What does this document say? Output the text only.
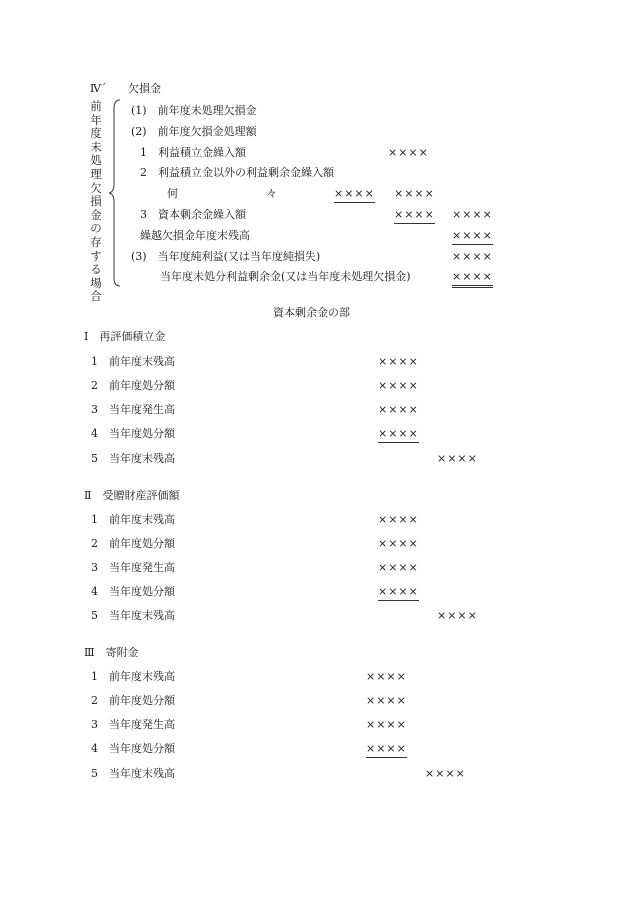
Ⅳ´ 欠損金
前年度未処理欠損金の存する場合
(1)　前年度未処理欠損金
(2)　前年度欠損金処理額
1　利益積立金繰入額	××××
2　利益積立金以外の利益剰余金繰入額
何　　　　　　　　々	×××× ××××
3　資本剰余金繰入額	×××× ××××
繰越欠損金年度末残高	××××
(3)　当年度純利益(又は当年度純損失)	××××
当年度未処分利益剰余金(又は当年度未処理欠損金)	××××
資本剰余金の部
Ⅰ　再評価積立金
1　前年度末残高	××××
2　前年度処分額	××××
3　当年度発生高	××××
4　当年度処分額	××××
5　当年度末残高	××××
Ⅱ　受贈財産評価額
1　前年度末残高	××××
2　前年度処分額	××××
3　当年度発生高	××××
4　当年度処分額	××××
5　当年度末残高	××××
Ⅲ　寄附金
1　前年度末残高	××××
2　前年度処分額	××××
3　当年度発生高	××××
4　当年度処分額	××××
5　当年度末残高	××××
